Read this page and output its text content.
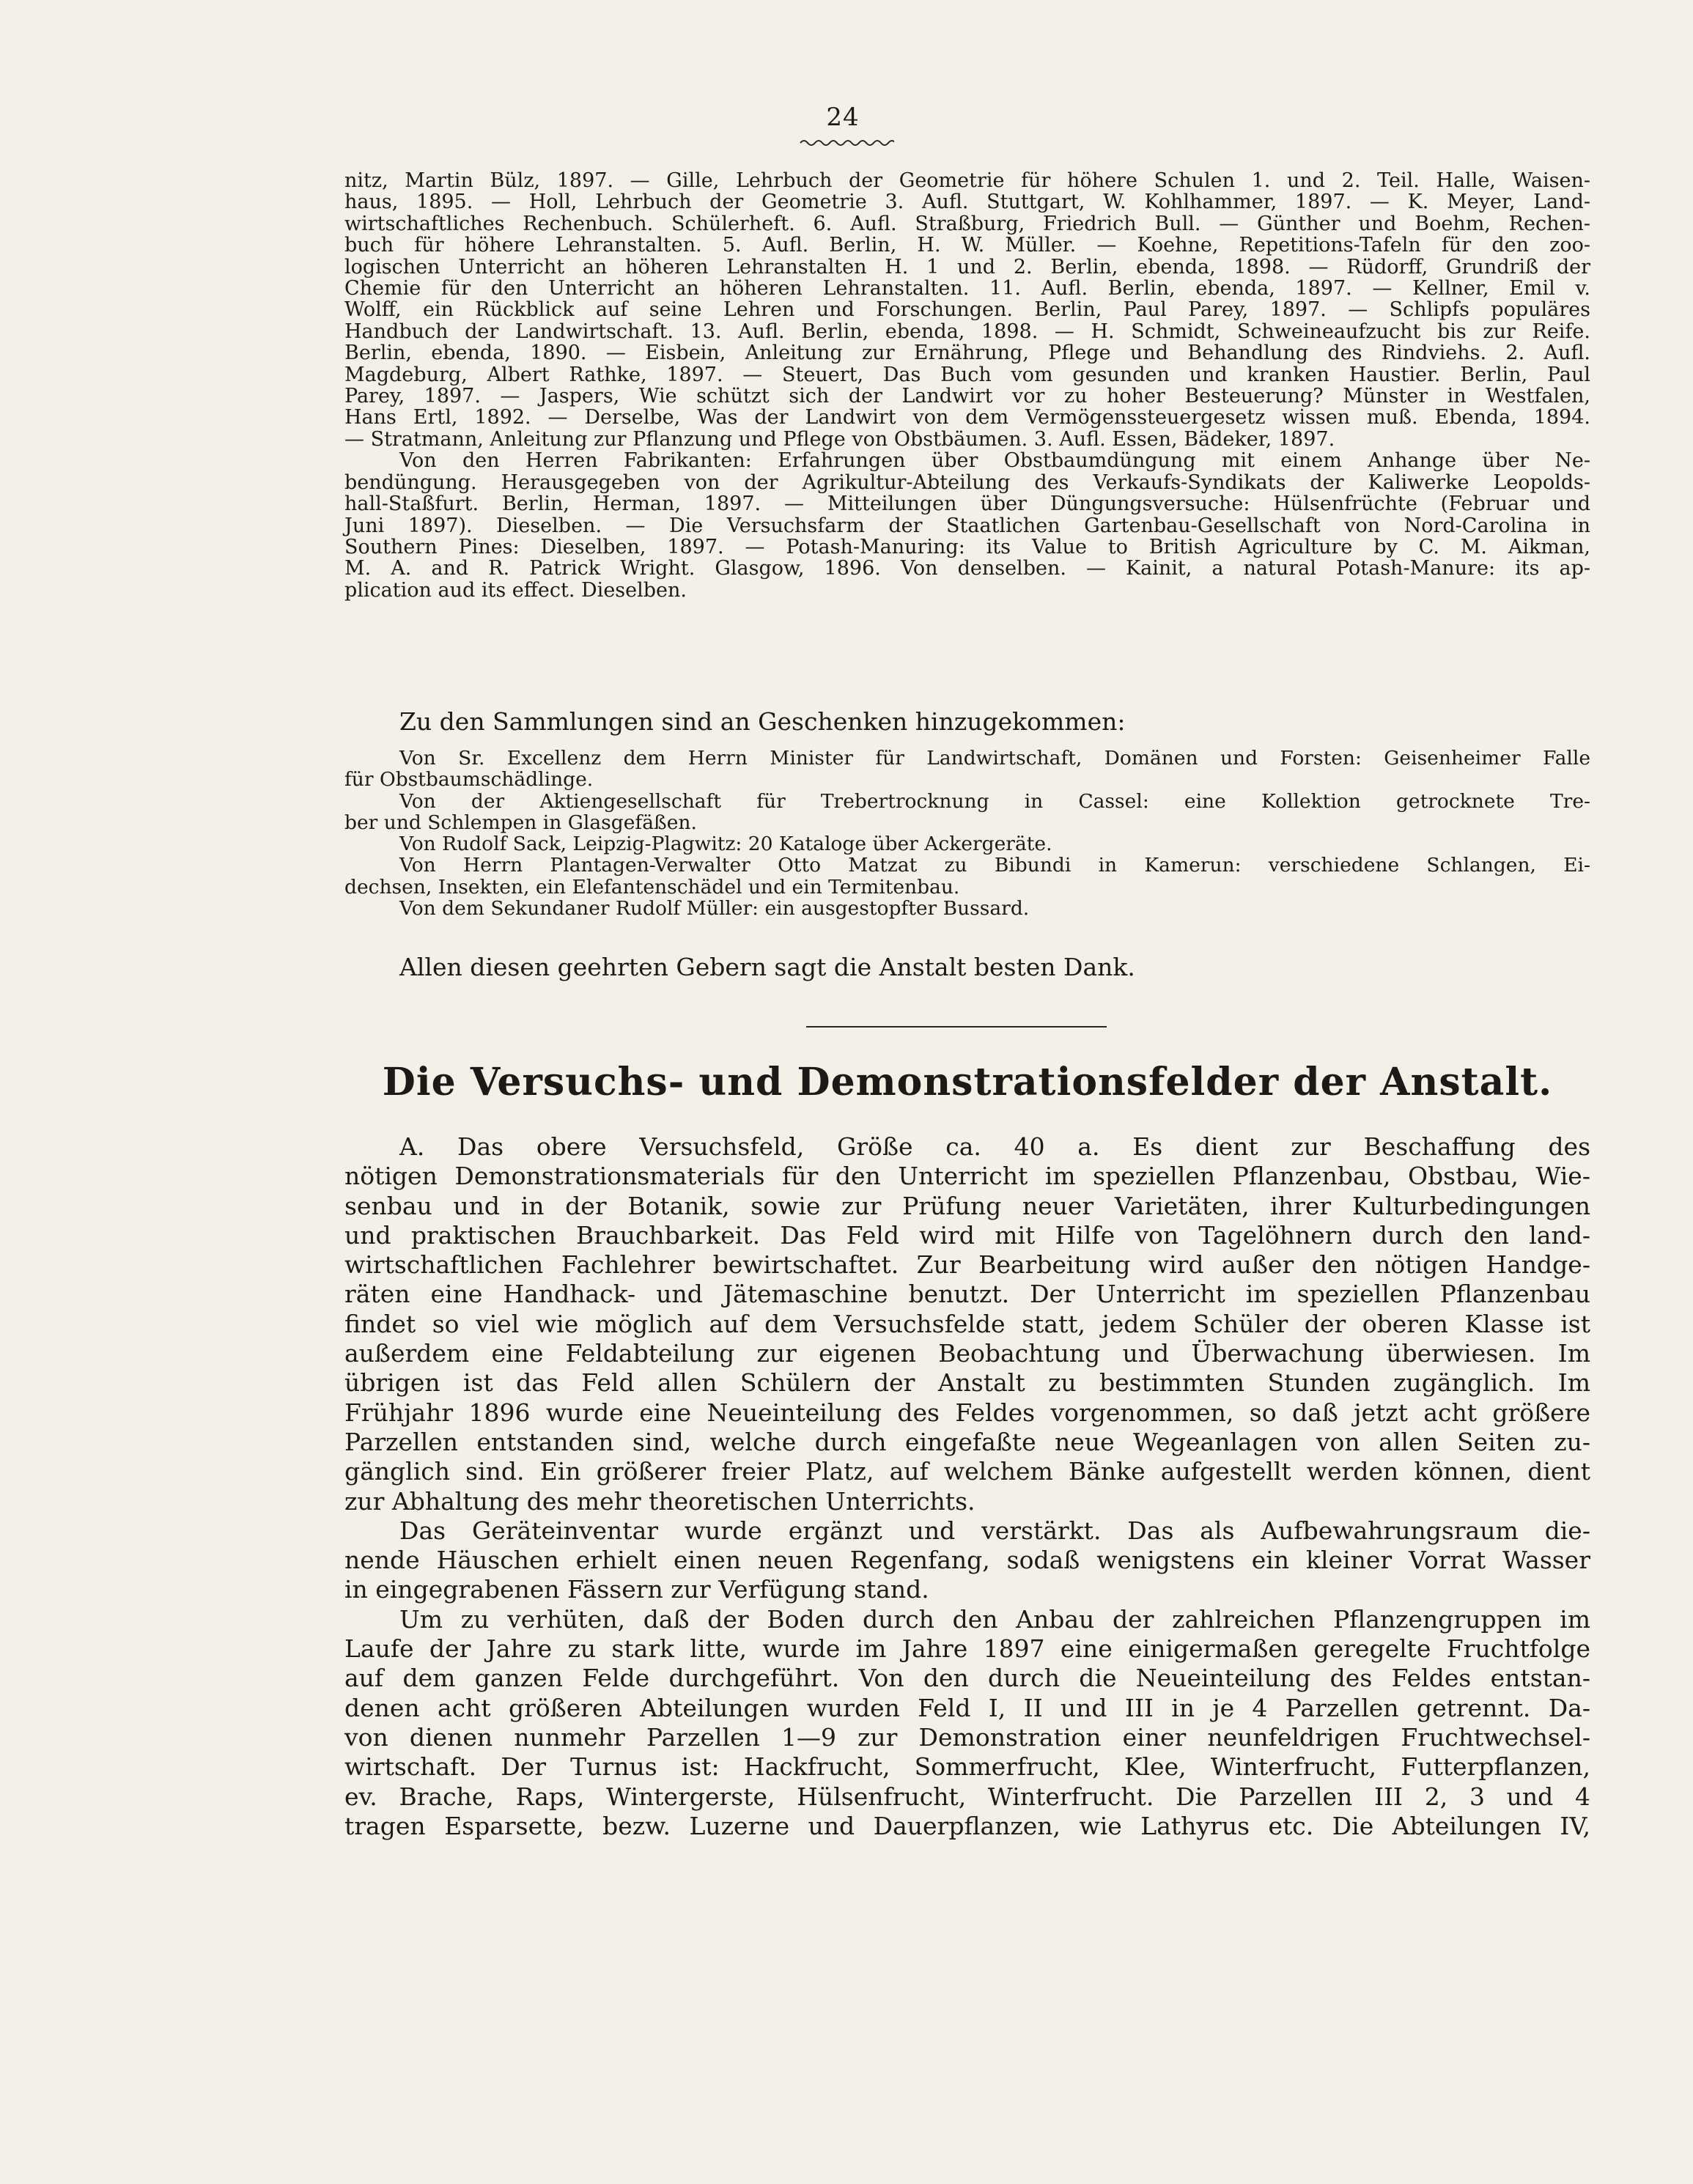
24

nitz, Martin Bülz, 1897. — Gille, Lehrbuch der Geometrie für höhere Schulen 1. und 2. Teil. Halle, Waisen-

haus, 1895. — Holl, Lehrbuch der Geometrie 3. Aufl. Stuttgart, W. Kohlhammer, 1897. — K. Meyer, Land-

wirtschaftliches Rechenbuch. Schülerheft. 6. Aufl. Straßburg, Friedrich Bull. — Günther und Boehm, Rechen-

buch für höhere Lehranstalten. 5. Aufl. Berlin, H. W. Müller. — Koehne, Repetitions-Tafeln für den zoo-

logischen Unterricht an höheren Lehranstalten H. 1 und 2. Berlin, ebenda, 1898. — Rüdorff, Grundriß der

Chemie für den Unterricht an höheren Lehranstalten. 11. Aufl. Berlin, ebenda, 1897. — Kellner, Emil v.

Wolff, ein Rückblick auf seine Lehren und Forschungen. Berlin, Paul Parey, 1897. — Schlipfs populäres

Handbuch der Landwirtschaft. 13. Aufl. Berlin, ebenda, 1898. — H. Schmidt, Schweineaufzucht bis zur Reife.

Berlin, ebenda, 1890. — Eisbein, Anleitung zur Ernährung, Pflege und Behandlung des Rindviehs. 2. Aufl.

Magdeburg, Albert Rathke, 1897. — Steuert, Das Buch vom gesunden und kranken Haustier. Berlin, Paul

Parey, 1897. — Jaspers, Wie schützt sich der Landwirt vor zu hoher Besteuerung? Münster in Westfalen,

Hans Ertl, 1892. — Derselbe, Was der Landwirt von dem Vermögenssteuergesetz wissen muß. Ebenda, 1894.

— Stratmann, Anleitung zur Pflanzung und Pflege von Obstbäumen. 3. Aufl. Essen, Bädeker, 1897.

Von den Herren Fabrikanten: Erfahrungen über Obstbaumdüngung mit einem Anhange über Ne-

bendüngung. Herausgegeben von der Agrikultur-Abteilung des Verkaufs-Syndikats der Kaliwerke Leopolds-

hall-Staßfurt. Berlin, Herman, 1897. — Mitteilungen über Düngungsversuche: Hülsenfrüchte (Februar und

Juni 1897). Dieselben. — Die Versuchsfarm der Staatlichen Gartenbau-Gesellschaft von Nord-Carolina in

Southern Pines: Dieselben, 1897. — Potash-Manuring: its Value to British Agriculture by C. M. Aikman,

M. A. and R. Patrick Wright. Glasgow, 1896. Von denselben. — Kainit, a natural Potash-Manure: its ap-

plication aud its effect. Dieselben.

Zu den Sammlungen sind an Geschenken hinzugekommen:

Von Sr. Excellenz dem Herrn Minister für Landwirtschaft, Domänen und Forsten: Geisenheimer Falle

für Obstbaumschädlinge.

Von der Aktiengesellschaft für Trebertrocknung in Cassel: eine Kollektion getrocknete Tre-

ber und Schlempen in Glasgefäßen.

Von Rudolf Sack, Leipzig-Plagwitz: 20 Kataloge über Ackergeräte.

Von Herrn Plantagen-Verwalter Otto Matzat zu Bibundi in Kamerun: verschiedene Schlangen, Ei-

dechsen, Insekten, ein Elefantenschädel und ein Termitenbau.

Von dem Sekundaner Rudolf Müller: ein ausgestopfter Bussard.

Allen diesen geehrten Gebern sagt die Anstalt besten Dank.
Die Versuchs- und Demonstrationsfelder der Anstalt.

A. Das obere Versuchsfeld, Größe ca. 40 a. Es dient zur Beschaffung des

nötigen Demonstrationsmaterials für den Unterricht im speziellen Pflanzenbau, Obstbau, Wie-

senbau und in der Botanik, sowie zur Prüfung neuer Varietäten, ihrer Kulturbedingungen

und praktischen Brauchbarkeit. Das Feld wird mit Hilfe von Tagelöhnern durch den land-

wirtschaftlichen Fachlehrer bewirtschaftet. Zur Bearbeitung wird außer den nötigen Handge-

räten eine Handhack- und Jätemaschine benutzt. Der Unterricht im speziellen Pflanzenbau

findet so viel wie möglich auf dem Versuchsfelde statt, jedem Schüler der oberen Klasse ist

außerdem eine Feldabteilung zur eigenen Beobachtung und Überwachung überwiesen. Im

übrigen ist das Feld allen Schülern der Anstalt zu bestimmten Stunden zugänglich. Im

Frühjahr 1896 wurde eine Neueinteilung des Feldes vorgenommen, so daß jetzt acht größere

Parzellen entstanden sind, welche durch eingefaßte neue Wegeanlagen von allen Seiten zu-

gänglich sind. Ein größerer freier Platz, auf welchem Bänke aufgestellt werden können, dient

zur Abhaltung des mehr theoretischen Unterrichts.

Das Geräteinventar wurde ergänzt und verstärkt. Das als Aufbewahrungsraum die-

nende Häuschen erhielt einen neuen Regenfang, sodaß wenigstens ein kleiner Vorrat Wasser

in eingegrabenen Fässern zur Verfügung stand.

Um zu verhüten, daß der Boden durch den Anbau der zahlreichen Pflanzengruppen im

Laufe der Jahre zu stark litte, wurde im Jahre 1897 eine einigermaßen geregelte Fruchtfolge

auf dem ganzen Felde durchgeführt. Von den durch die Neueinteilung des Feldes entstan-

denen acht größeren Abteilungen wurden Feld I, II und III in je 4 Parzellen getrennt. Da-

von dienen nunmehr Parzellen 1—9 zur Demonstration einer neunfeldrigen Fruchtwechsel-

wirtschaft. Der Turnus ist: Hackfrucht, Sommerfrucht, Klee, Winterfrucht, Futterpflanzen,

ev. Brache, Raps, Wintergerste, Hülsenfrucht, Winterfrucht. Die Parzellen III 2, 3 und 4

tragen Esparsette, bezw. Luzerne und Dauerpflanzen, wie Lathyrus etc. Die Abteilungen IV,
